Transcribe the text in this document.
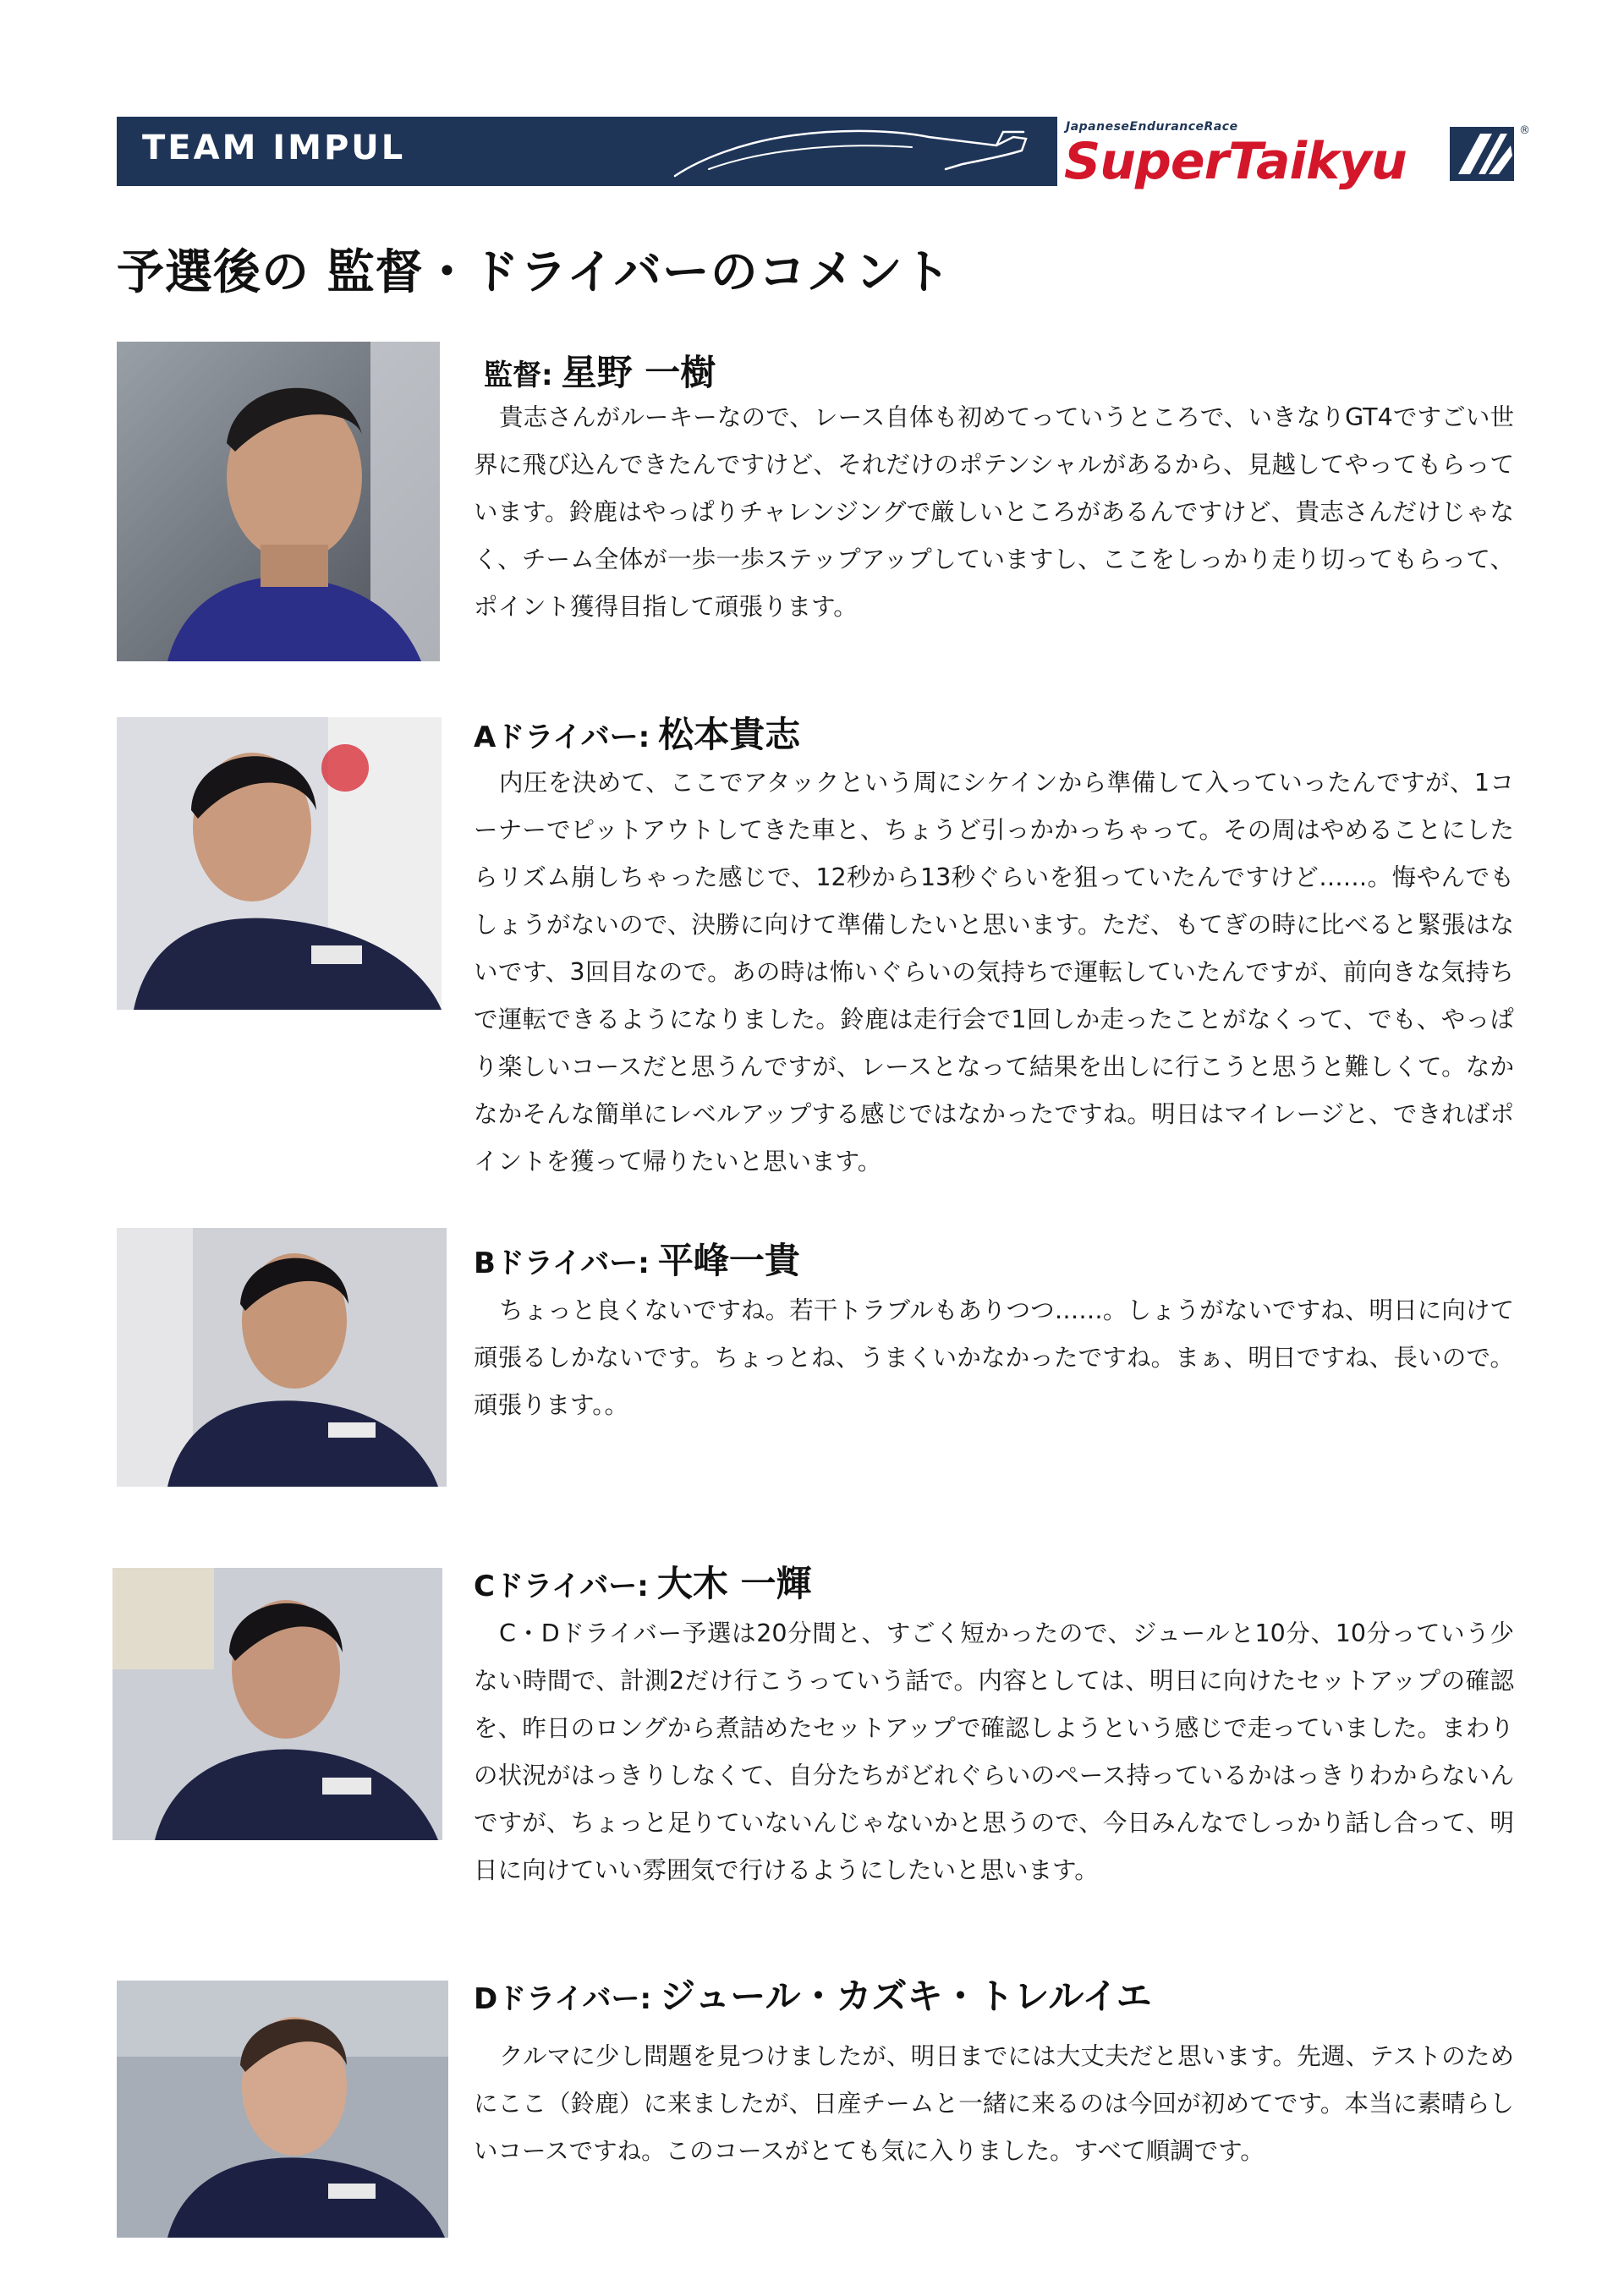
TEAM IMPUL
JapaneseEnduranceRace
SuperTaikyu
®
予選後の 監督・ドライバーのコメント
監督: 星野 一樹
貴志さんがルーキーなので、レース自体も初めてっていうところで、いきなりGT4ですごい世界に飛び込んできたんですけど、それだけのポテンシャルがあるから、見越してやってもらっています。鈴鹿はやっぱりチャレンジングで厳しいところがあるんですけど、貴志さんだけじゃなく、チーム全体が一歩一歩ステップアップしていますし、ここをしっかり走り切ってもらって、ポイント獲得目指して頑張ります。
Aドライバー: 松本貴志
内圧を決めて、ここでアタックという周にシケインから準備して入っていったんですが、1コーナーでピットアウトしてきた車と、ちょうど引っかかっちゃって。その周はやめることにしたらリズム崩しちゃった感じで、12秒から13秒ぐらいを狙っていたんですけど……。悔やんでもしょうがないので、決勝に向けて準備したいと思います。ただ、もてぎの時に比べると緊張はないです、3回目なので。あの時は怖いぐらいの気持ちで運転していたんですが、前向きな気持ちで運転できるようになりました。鈴鹿は走行会で1回しか走ったことがなくって、でも、やっぱり楽しいコースだと思うんですが、レースとなって結果を出しに行こうと思うと難しくて。なかなかそんな簡単にレベルアップする感じではなかったですね。明日はマイレージと、できればポイントを獲って帰りたいと思います。
Bドライバー: 平峰一貴
ちょっと良くないですね。若干トラブルもありつつ……。しょうがないですね、明日に向けて頑張るしかないです。ちょっとね、うまくいかなかったですね。まぁ、明日ですね、長いので。頑張ります。。
Cドライバー: 大木 一輝
C・Dドライバー予選は20分間と、すごく短かったので、ジュールと10分、10分っていう少ない時間で、計測2だけ行こうっていう話で。内容としては、明日に向けたセットアップの確認を、昨日のロングから煮詰めたセットアップで確認しようという感じで走っていました。まわりの状況がはっきりしなくて、自分たちがどれぐらいのペース持っているかはっきりわからないんですが、ちょっと足りていないんじゃないかと思うので、今日みんなでしっかり話し合って、明日に向けていい雰囲気で行けるようにしたいと思います。
Dドライバー: ジュール・カズキ・トレルイエ
クルマに少し問題を見つけましたが、明日までには大丈夫だと思います。先週、テストのためにここ（鈴鹿）に来ましたが、日産チームと一緒に来るのは今回が初めてです。本当に素晴らしいコースですね。このコースがとても気に入りました。すべて順調です。
